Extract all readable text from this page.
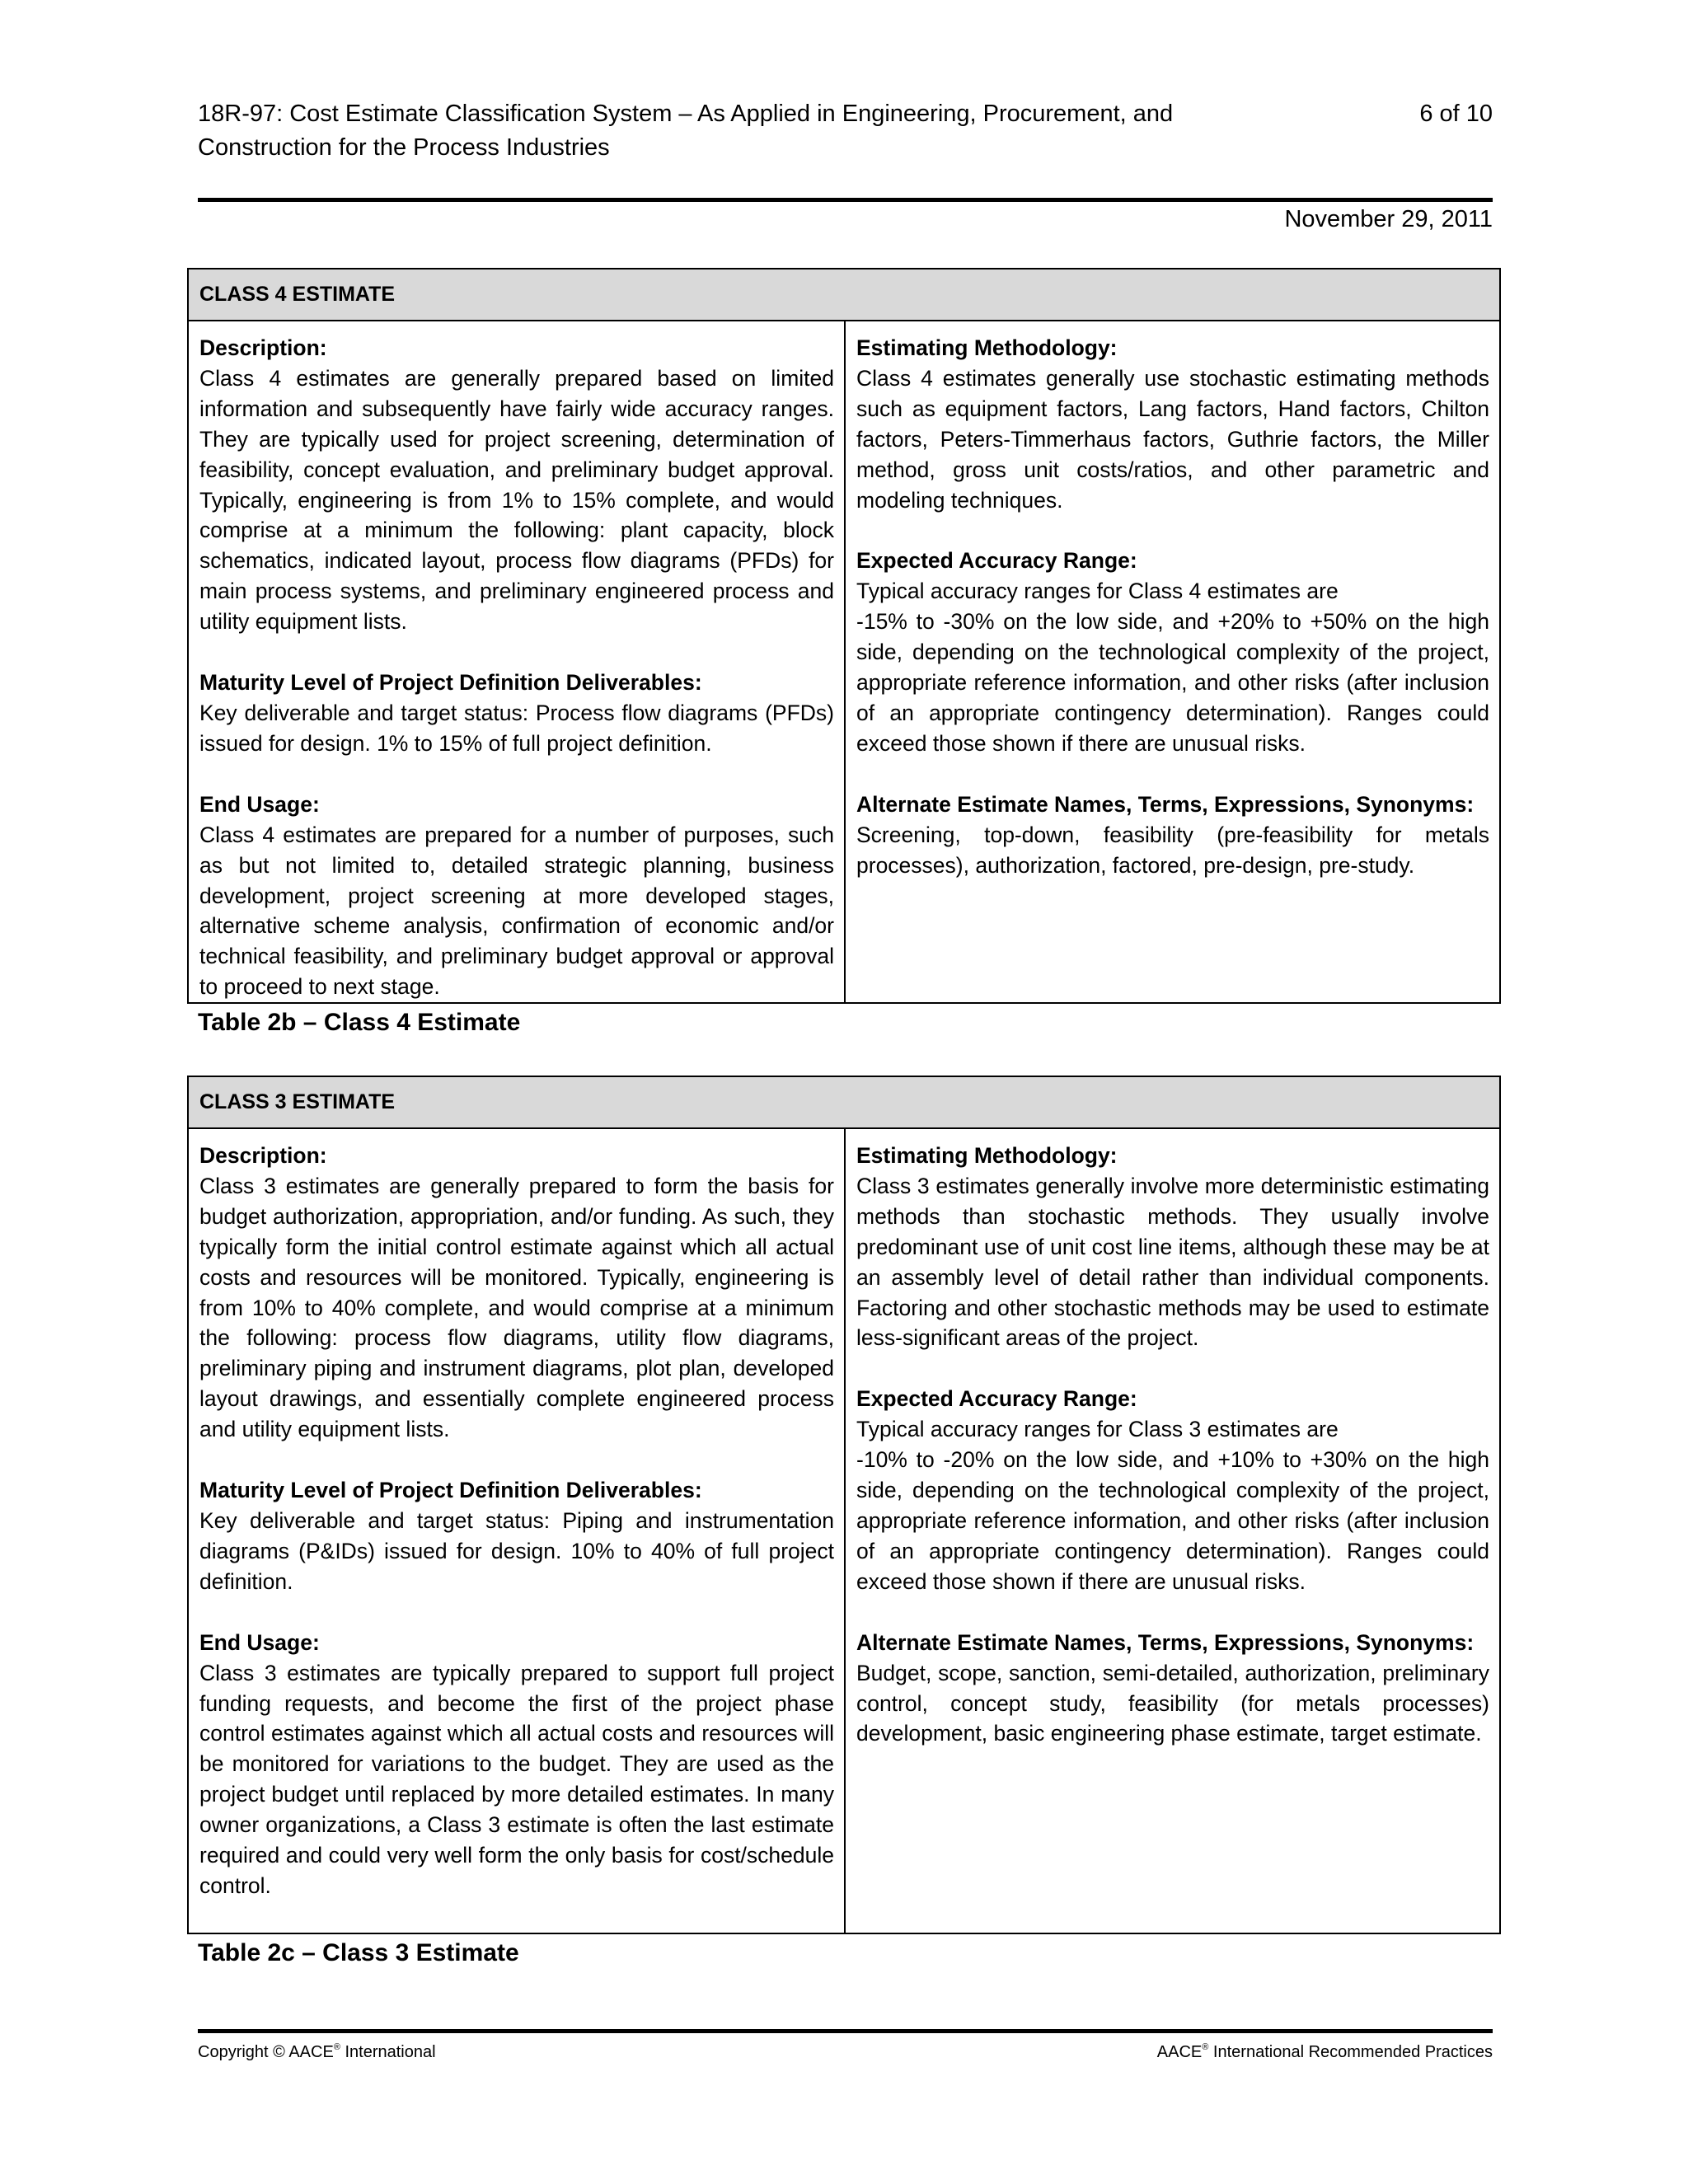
18R-97: Cost Estimate Classification System – As Applied in Engineering, Procurement, and Construction for the Process Industries
6 of 10
November 29, 2011
CLASS 4 ESTIMATE
Description:
Class 4 estimates are generally prepared based on limited information and subsequently have fairly wide accuracy ranges. They are typically used for project screening, determination of feasibility, concept evaluation, and preliminary budget approval. Typically, engineering is from 1% to 15% complete, and would comprise at a minimum the following: plant capacity, block schematics, indicated layout, process flow diagrams (PFDs) for main process systems, and preliminary engineered process and utility equipment lists.
Maturity Level of Project Definition Deliverables:
Key deliverable and target status: Process flow diagrams (PFDs) issued for design. 1% to 15% of full project definition.
End Usage:
Class 4 estimates are prepared for a number of purposes, such as but not limited to, detailed strategic planning, business development, project screening at more developed stages, alternative scheme analysis, confirmation of economic and/or technical feasibility, and preliminary budget approval or approval to proceed to next stage.
Estimating Methodology:
Class 4 estimates generally use stochastic estimating methods such as equipment factors, Lang factors, Hand factors, Chilton factors, Peters-Timmerhaus factors, Guthrie factors, the Miller method, gross unit costs/ratios, and other parametric and modeling techniques.
Expected Accuracy Range:
Typical accuracy ranges for Class 4 estimates are
-15% to -30% on the low side, and +20% to +50% on the high side, depending on the technological complexity of the project, appropriate reference information, and other risks (after inclusion of an appropriate contingency determination). Ranges could exceed those shown if there are unusual risks.
Alternate Estimate Names, Terms, Expressions, Synonyms:
Screening, top-down, feasibility (pre-feasibility for metals processes), authorization, factored, pre-design, pre-study.
Table 2b – Class 4 Estimate
CLASS 3 ESTIMATE
Description:
Class 3 estimates are generally prepared to form the basis for budget authorization, appropriation, and/or funding. As such, they typically form the initial control estimate against which all actual costs and resources will be monitored. Typically, engineering is from 10% to 40% complete, and would comprise at a minimum the following: process flow diagrams, utility flow diagrams, preliminary piping and instrument diagrams, plot plan, developed layout drawings, and essentially complete engineered process and utility equipment lists.
Maturity Level of Project Definition Deliverables:
Key deliverable and target status: Piping and instrumentation diagrams (P&IDs) issued for design. 10% to 40% of full project definition.
End Usage:
Class 3 estimates are typically prepared to support full project funding requests, and become the first of the project phase control estimates against which all actual costs and resources will be monitored for variations to the budget. They are used as the project budget until replaced by more detailed estimates. In many owner organizations, a Class 3 estimate is often the last estimate required and could very well form the only basis for cost/schedule control.
Estimating Methodology:
Class 3 estimates generally involve more deterministic estimating methods than stochastic methods. They usually involve predominant use of unit cost line items, although these may be at an assembly level of detail rather than individual components. Factoring and other stochastic methods may be used to estimate less-significant areas of the project.
Expected Accuracy Range:
Typical accuracy ranges for Class 3 estimates are
-10% to -20% on the low side, and +10% to +30% on the high side, depending on the technological complexity of the project, appropriate reference information, and other risks (after inclusion of an appropriate contingency determination). Ranges could exceed those shown if there are unusual risks.
Alternate Estimate Names, Terms, Expressions, Synonyms:
Budget, scope, sanction, semi-detailed, authorization, preliminary control, concept study, feasibility (for metals processes) development, basic engineering phase estimate, target estimate.
Table 2c – Class 3 Estimate
Copyright © AACE® International	AACE® International Recommended Practices
